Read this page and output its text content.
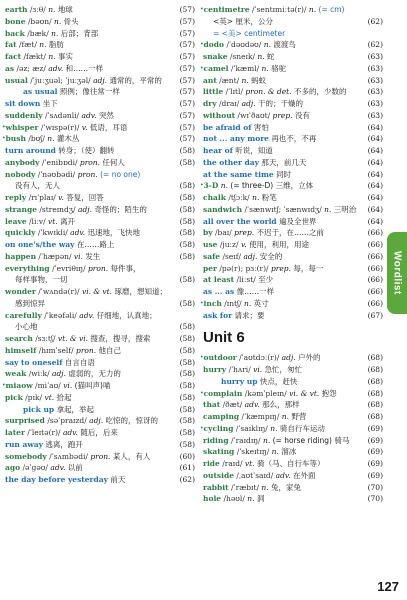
earth /ɜːθ/ n. 地球	(57)
bone /bəʊn/ n. 骨头	(57)
back /bæk/ n. 后部；背部	(57)
fat /fæt/ n. 脂肪	(57)
fact /fækt/ n. 事实	(57)
as /əz; æz/ adv. 和……一样	(57)
usual /ˈjuːʒuəl; ˈjuːʒəl/ adj. 通常的，平常的 (57)
as usual 照例；像往常一样	(57)
sit down 坐下	(57)
suddenly /ˈsʌdənli/ adv. 突然	(57)
•whisper /ˈwɪspə(r)/ v. 低语，耳语	(57)
•bush /bʊʃ/ n. 灌木丛	(57)
turn around 转身；（使）翻转	(58)
anybody /ˈenibɒdi/ pron. 任何人	(58)
nobody /ˈnəʊbədi/ pron. (= no one)
没有人，无人	(58)
reply /rɪˈplaɪ/ v. 答复，回答	(58)
strange /streɪndʒ/ adj. 奇怪的；陌生的	(58)
leave /liːv/ vt. 离开	(58)
quickly /ˈkwɪkli/ adv. 迅速地，飞快地	(58)
on one's/the way 在……路上	(58)
happen /ˈhæpən/ vi. 发生	(58)
everything /ˈevriθɪŋ/ pron. 每件事，
每样事物，一切	(58)
wonder /ˈwʌndə(r)/ vi. & vt. 琢磨，想知道；
感到惊异	(58)
carefully /ˈkeəfəli/ adv. 仔细地，认真地；
小心地	(58)
search /sɜːtʃ/ vt. & vi. 搜查，搜寻，搜索	(58)
himself /hɪmˈself/ pron. 他自己	(58)
say to oneself 自言自语	(58)
weak /wiːk/ adj. 虚弱的，无力的	(58)
•miaow /miˈaʊ/ vi. (猫叫声)喵	(58)
pick /pɪk/ vt. 拾起	(58)
pick up 拿起，举起	(58)
surprised /səˈpraɪzd/ adj. 吃惊的，惊讶的	(58)
later /ˈleɪtə(r)/ adv. 随后，后来	(58)
run away 逃离，跑开	(58)
somebody /ˈsʌmbədi/ pron. 某人，有人	(60)
ago /əˈɡəʊ/ adv. 以前	(61)
the day before yesterday 前天	(62)
•centimetre /ˈsentɪmiːtə(r)/ n. (= cm)
<英> 厘米，公分	(62)
= <美> centimeter
•dodo /ˈdəʊdəʊ/ n. 渡渡鸟	(62)
snake /sneɪk/ n. 蛇	(63)
•camel /ˈkæml/ n. 骆驼	(63)
ant /ænt/ n. 蚂蚁	(63)
little /ˈlɪtl/ pron. & det. 不多的，少数的	(63)
dry /draɪ/ adj. 干的；干燥的	(63)
without /wɪˈðaʊt/ prep. 没有	(63)
be afraid of 害怕	(64)
not ... any more 再也不，不再	(64)
hear of 听说，知道	(64)
the other day 那天，前几天	(64)
at the same time 同时	(64)
•3-D n. (= three-D) 三维，立体	(64)
chalk /tʃɔːk/ n. 粉笔	(64)
sandwich /ˈsænwɪtʃ; ˈsænwɪdʒ/ n. 三明治 (64)
all over the world 遍及全世界	(64)
by /baɪ/ prep. 不迟于，在……之前	(66)
use /juːz/ v. 使用，利用，用途	(66)
safe /seɪf/ adj. 安全的	(66)
per /pə(r); pɜː(r)/ prep. 每，每一	(66)
at least /liːst/ 至少	(66)
as ... as 像……一样	(66)
•inch /ɪntʃ/ n. 英寸	(66)
ask for 请求；要	(67)
Unit 6
•outdoor /ˈaʊtdɔː(r)/ adj. 户外的	(68)
hurry /ˈhʌri/ vi. 急忙，匆忙	(68)
hurry up 快点，赶快	(68)
•complain /kəmˈpleɪn/ vi. & vt. 抱怨	(68)
that /ðæt/ adv. 那么，那样	(68)
camping /ˈkæmpɪŋ/ n. 野营	(68)
•cycling /ˈsaɪklɪŋ/ n. 骑自行车运动	(69)
riding /ˈraɪdɪŋ/ n. (= horse riding) 骑马 (69)
skating /ˈskeɪtɪŋ/ n. 溜冰	(69)
ride /raɪd/ vt. 骑（马、自行车等）	(69)
outside /ˌaʊtˈsaɪd/ adv. 在外面	(69)
rabbit /ˈræbɪt/ n. 兔，家兔	(70)
hole /həʊl/ n. 洞	(70)
Wordlist
127
